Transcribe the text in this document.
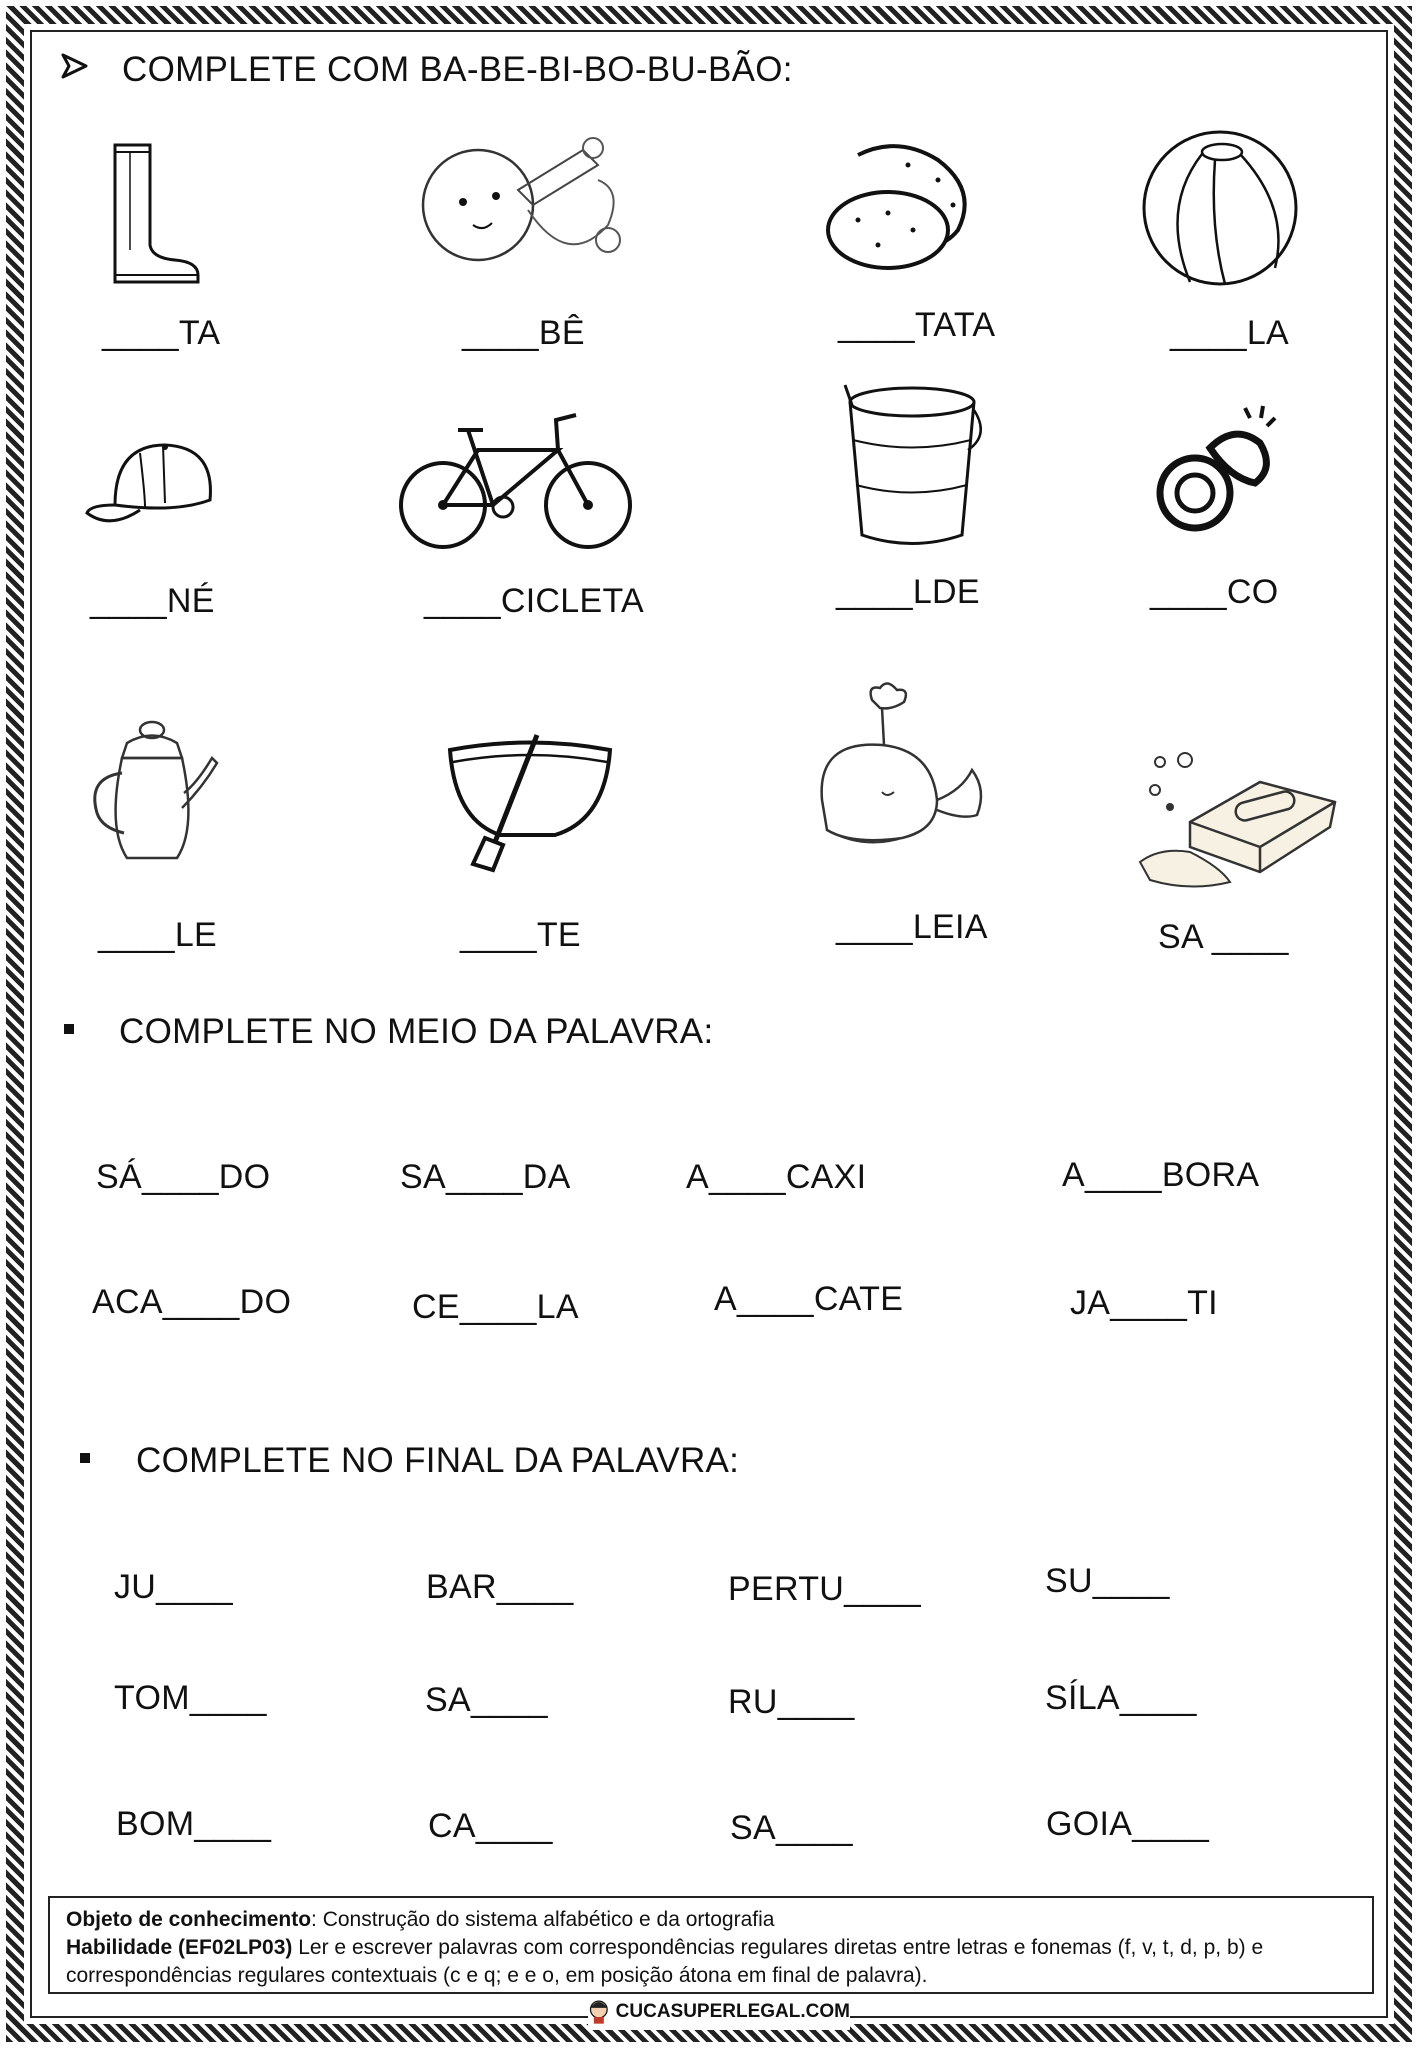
COMPLETE COM BA-BE-BI-BO-BU-BÃO:
____TA	____BÊ	____TATA	____LA
____NÉ	____CICLETA	____LDE	____CO
____LE	____TE	____LEIA	SA ____
COMPLETE NO MEIO DA PALAVRA:
SÁ____DO	SA____DA	A____CAXI	A____BORA
ACA____DO	CE____LA	A____CATE	JA____TI
COMPLETE NO FINAL DA PALAVRA:
JU____	BAR____	PERTU____	SU____
TOM____	SA____	RU____	SÍLA____
BOM____	CA____	SA____	GOIA____
Objeto de conhecimento: Construção do sistema alfabético e da ortografia
Habilidade (EF02LP03) Ler e escrever palavras com correspondências regulares diretas entre letras e fonemas (f, v, t, d, p, b) e
correspondências regulares contextuais (c e q; e e o, em posição átona em final de palavra).
CUCASUPERLEGAL.COM
